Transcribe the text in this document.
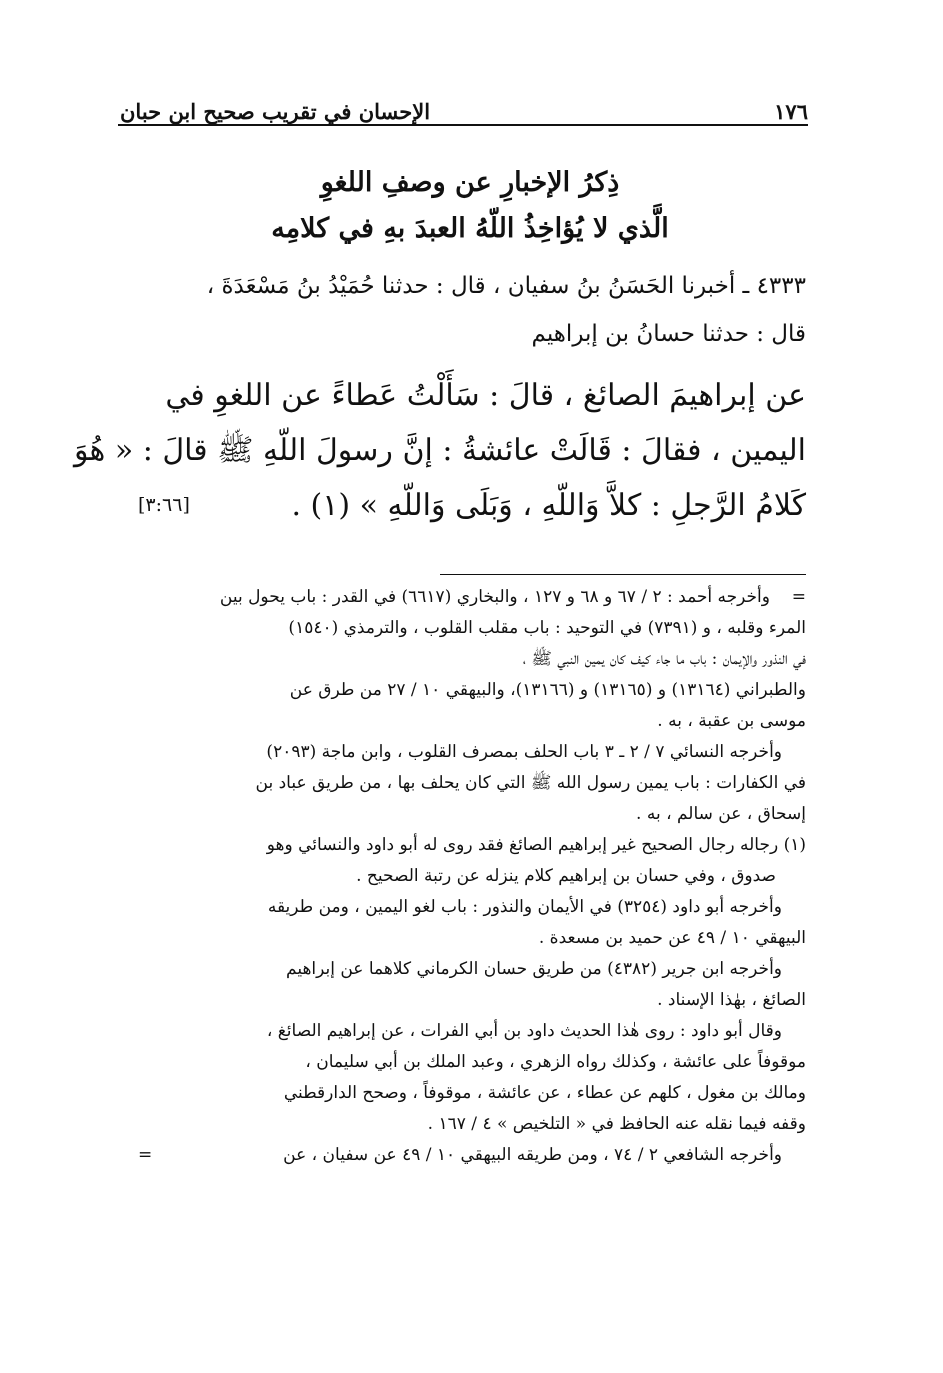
١٧٦
الإحسان في تقريب صحيح ابن حبان
ذِكرُ الإخبارِ عن وصفِ اللغوِ
الَّذي لا يُؤاخِذُ اللّهُ العبدَ بهِ في كلامِه
٤٣٣٣ ـ أخبرنا الحَسَنُ بنُ سفيان ، قال : حدثنا حُمَيْدُ بنُ مَسْعَدَةَ ،
قال : حدثنا حسانُ بن إبراهيم
عن إبراهيمَ الصائغ ، قالَ : سَأَلْتُ عَطاءً عن اللغوِ في
اليمين ، فقالَ : قَالَتْ عائشةُ : إنَّ رسولَ اللّهِ ﷺ قالَ : « هُوَ
كَلامُ الرَّجلِ : كلاَّ وَاللّهِ ، وَبَلَى وَاللّهِ » (١) .
[٣:٦٦]
=
وأخرجه أحمد : ٢ / ٦٧ و ٦٨ و ١٢٧ ، والبخاري (٦٦١٧) في القدر : باب يحول بين
المرء وقلبه ، و (٧٣٩١) في التوحيد : باب مقلب القلوب ، والترمذي (١٥٤٠)
في النذور والإيمان : باب ما جاء كيف كان يمين النبي ﷺ ،
والطبراني (١٣١٦٤) و (١٣١٦٥) و (١٣١٦٦)، والبيهقي ١٠ / ٢٧ من طرق عن
موسى بن عقبة ، به .
وأخرجه النسائي ٧ / ٢ ـ ٣ باب الحلف بمصرف القلوب ، وابن ماجة (٢٠٩٣)
في الكفارات : باب يمين رسول الله ﷺ التي كان يحلف بها ، من طريق عباد بن
إسحاق ، عن سالم ، به .
(١) رجاله رجال الصحيح غير إبراهيم الصائغ فقد روى له أبو داود والنسائي وهو
صدوق ، وفي حسان بن إبراهيم كلام ينزله عن رتبة الصحيح .
وأخرجه أبو داود (٣٢٥٤) في الأيمان والنذور : باب لغو اليمين ، ومن طريقه
البيهقي ١٠ / ٤٩ عن حميد بن مسعدة .
وأخرجه ابن جرير (٤٣٨٢) من طريق حسان الكرماني كلاهما عن إبراهيم
الصائغ ، بهٰذا الإسناد .
وقال أبو داود : روى هٰذا الحديث داود بن أبي الفرات ، عن إبراهيم الصائغ ،
موقوفاً على عائشة ، وكذلك رواه الزهري ، وعبد الملك بن أبي سليمان ،
ومالك بن مغول ، كلهم عن عطاء ، عن عائشة ، موقوفاً ، وصحح الدارقطني
وقفه فيما نقله عنه الحافظ في « التلخيص » ٤ / ١٦٧ .
وأخرجه الشافعي ٢ / ٧٤ ، ومن طريقه البيهقي ١٠ / ٤٩ عن سفيان ، عن
=
